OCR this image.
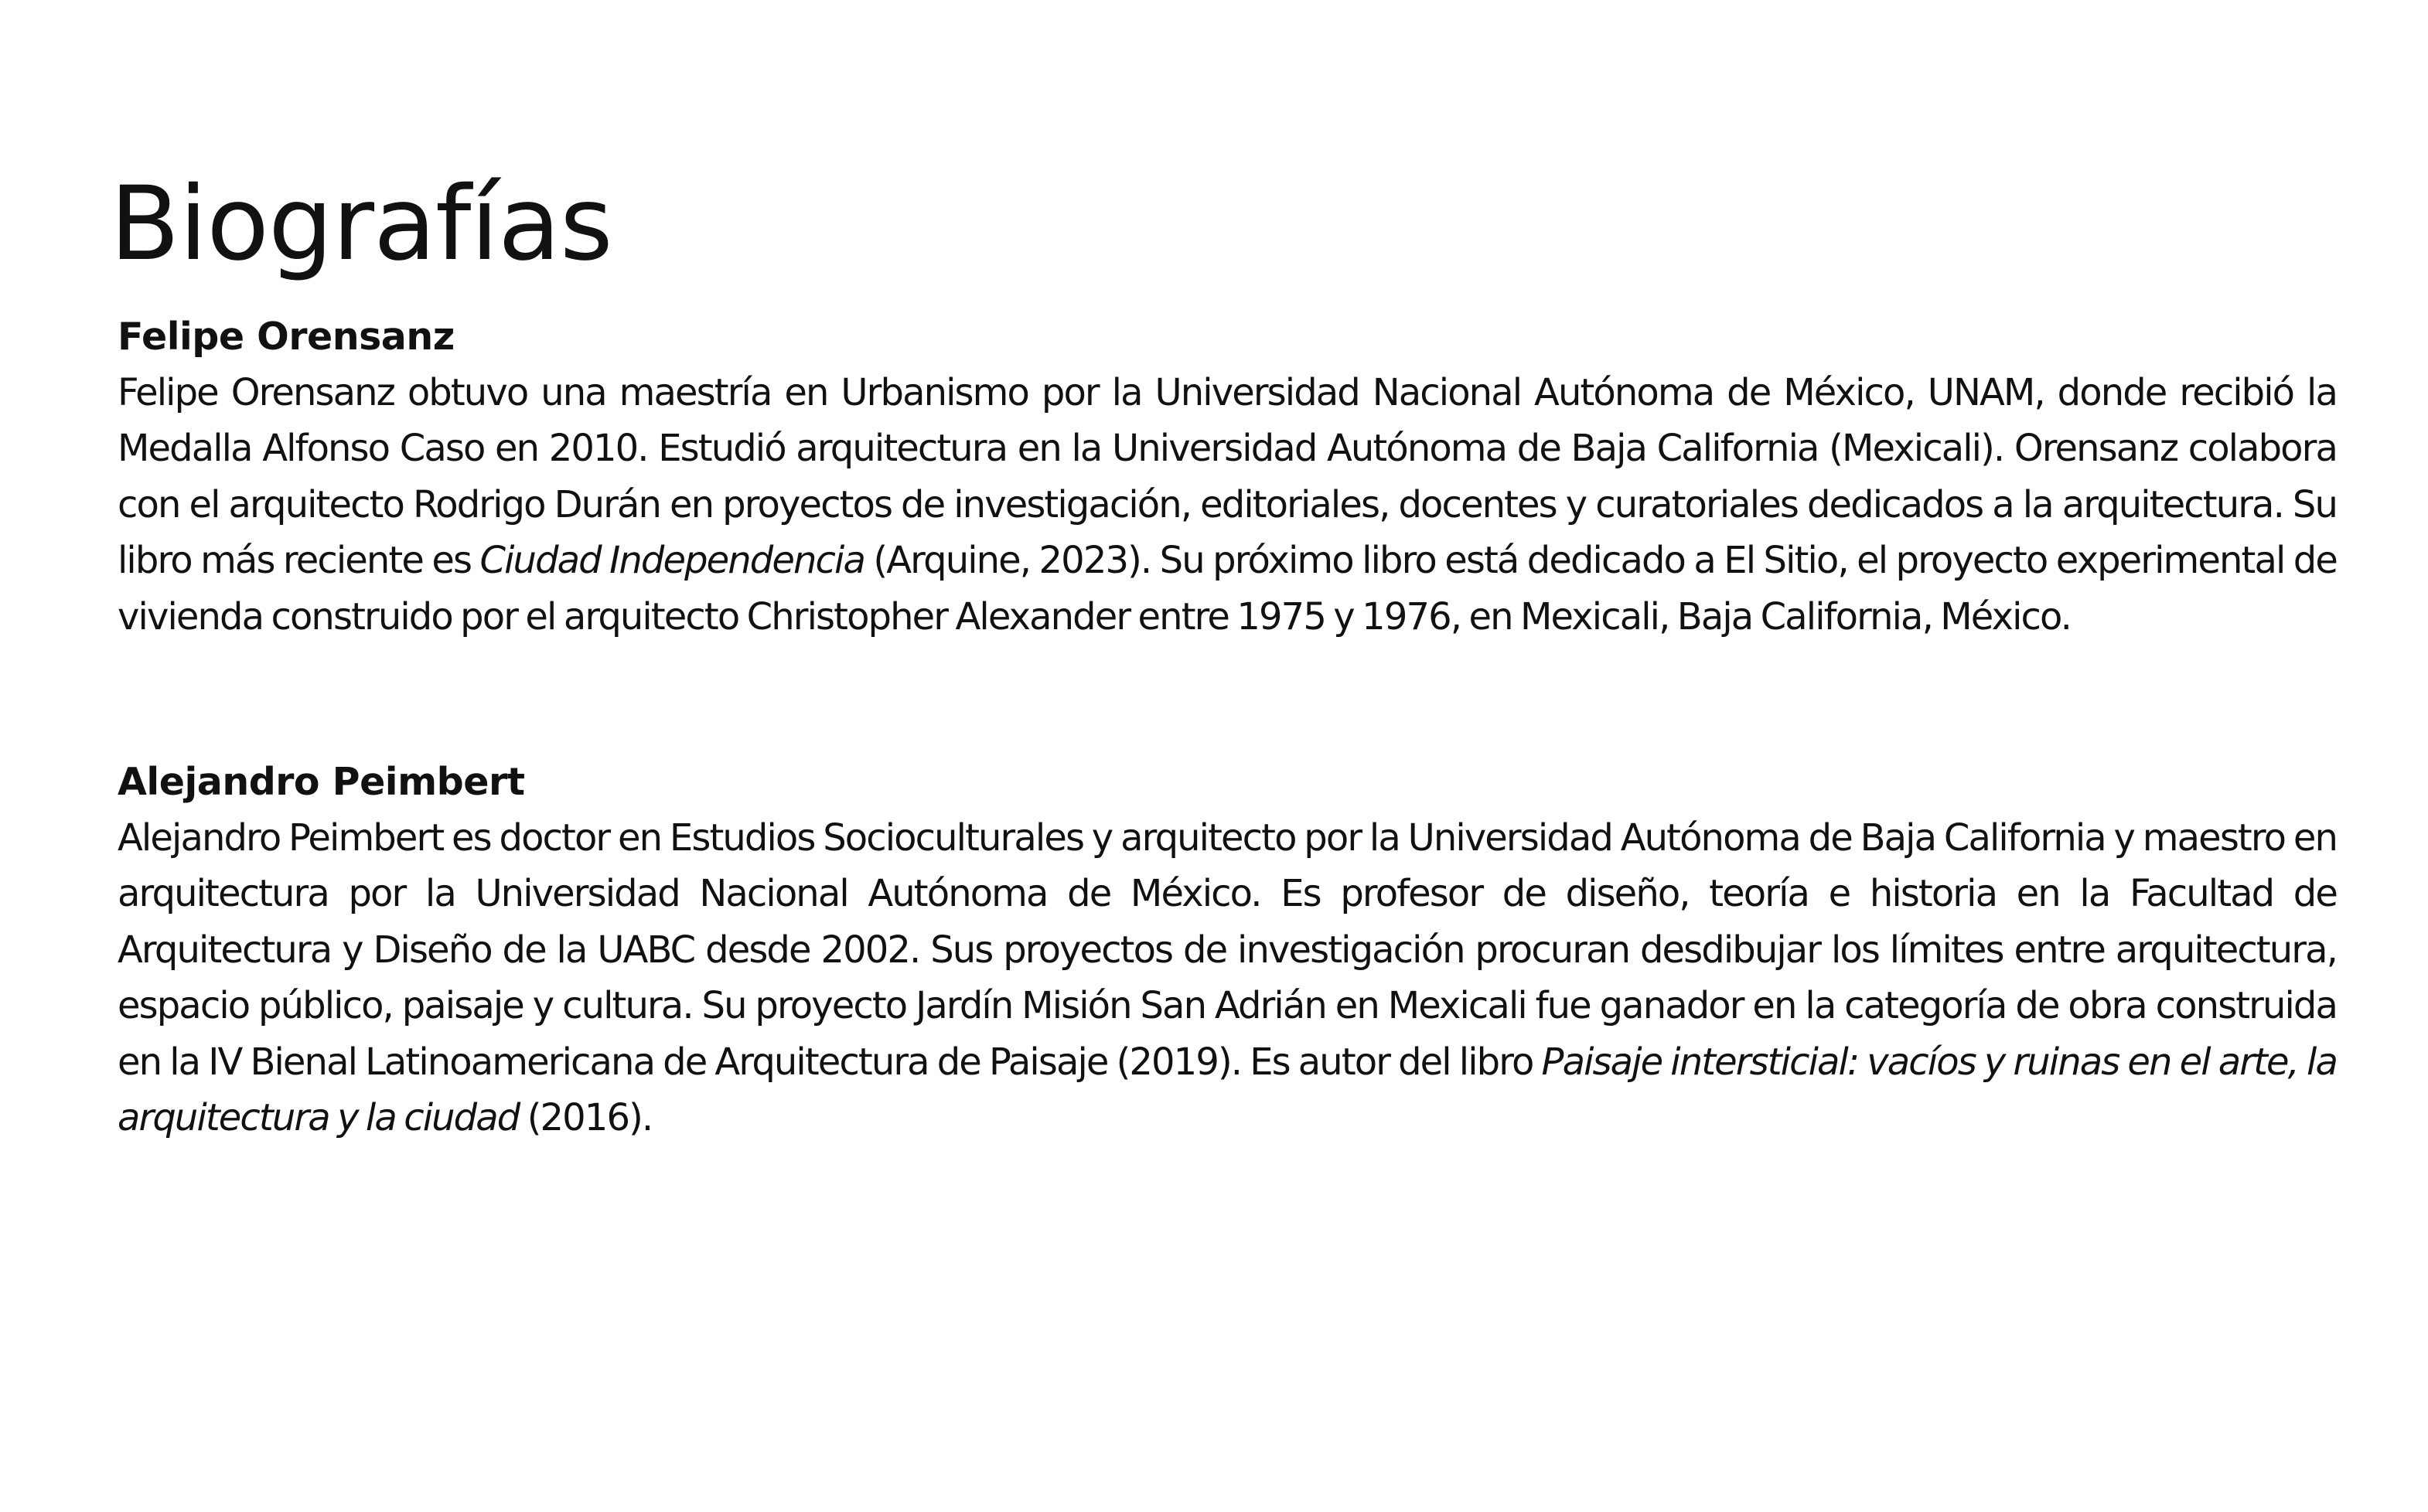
Biografías
Felipe Orensanz

Felipe Orensanz obtuvo una maestría en Urbanismo por la Universidad Nacional Autónoma de México, UNAM, donde recibió la Medalla Alfonso Caso en 2010. Estudió arquitectura en la Universidad Autónoma de Baja California (Mexicali). Orensanz colabora con el arquitecto Rodrigo Durán en proyectos de investigación, editoriales, docentes y curatoriales dedicados a la arquitectura. Su libro más reciente es Ciudad Independencia (Arquine, 2023). Su próximo libro está dedicado a El Sitio, el proyecto experimental de vivienda construido por el arquitecto Christopher Alexander entre 1975 y 1976, en Mexicali, Baja California, México.

Alejandro Peimbert

Alejandro Peimbert es doctor en Estudios Socioculturales y arquitecto por la Universidad Autónoma de Baja California y maestro en arquitectura por la Universidad Nacional Autónoma de México. Es profesor de diseño, teoría e historia en la Facultad de Arquitectura y Diseño de la UABC desde 2002. Sus proyectos de investigación procuran desdibujar los límites entre arquitectura, espacio público, paisaje y cultura. Su proyecto Jardín Misión San Adrián en Mexicali fue ganador en la categoría de obra construida en la IV Bienal Latinoamericana de Arquitectura de Paisaje (2019). Es autor del libro Paisaje intersticial: vacíos y ruinas en el arte, la arquitectura y la ciudad (2016).
